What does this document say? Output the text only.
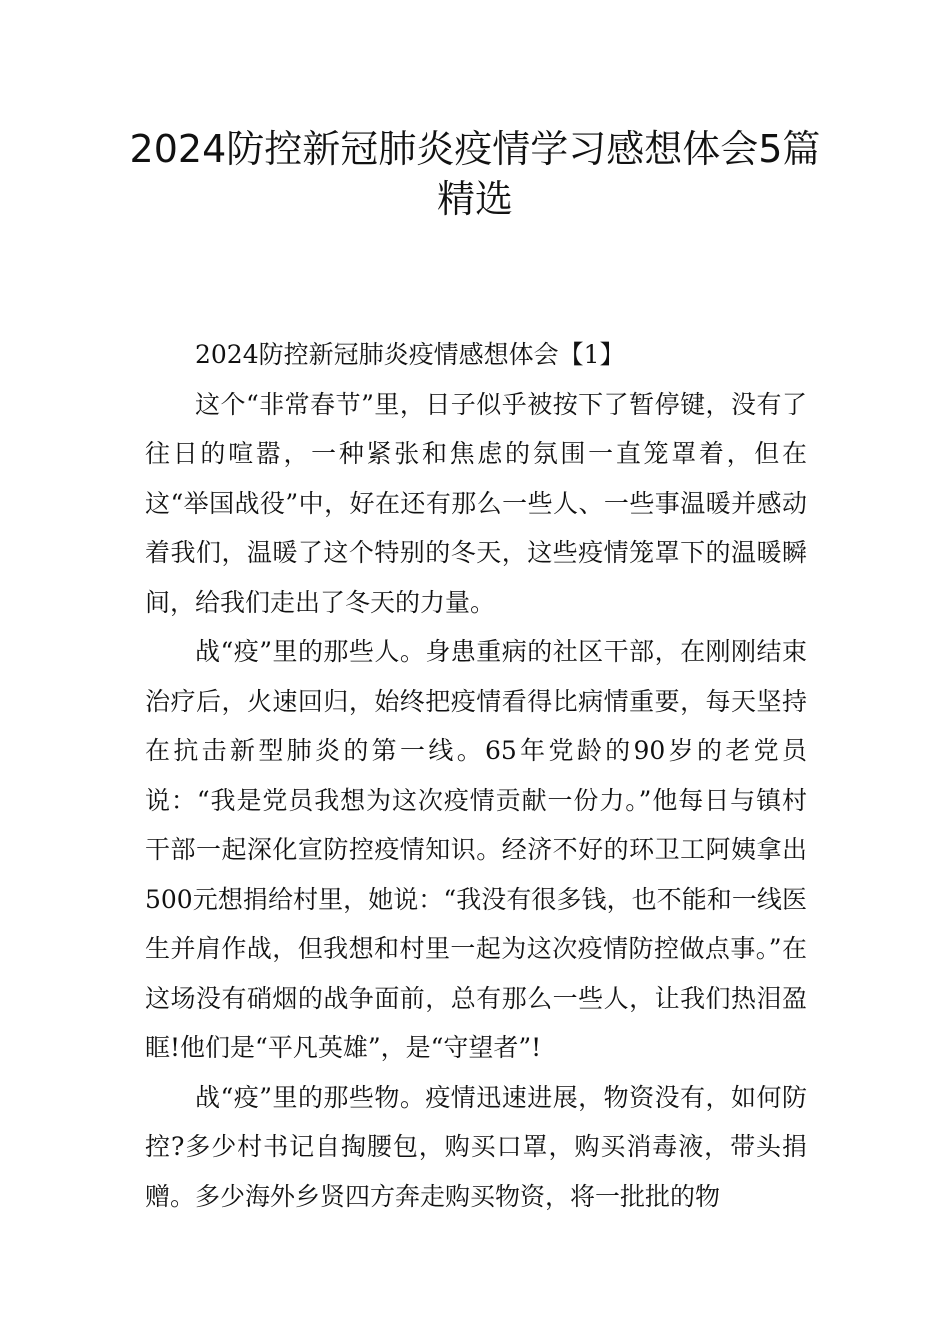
2024防控新冠肺炎疫情学习感想体会5篇精选

2024防控新冠肺炎疫情感想体会【1】

这个“非常春节”里，日子似乎被按下了暂停键，没有了往日的喧嚣，一种紧张和焦虑的氛围一直笼罩着，但在这“举国战役”中，好在还有那么一些人、一些事温暖并感动着我们，温暖了这个特别的冬天，这些疫情笼罩下的温暖瞬间，给我们走出了冬天的力量。

战“疫”里的那些人。身患重病的社区干部，在刚刚结束治疗后，火速回归，始终把疫情看得比病情重要，每天坚持在抗击新型肺炎的第一线。65年党龄的90岁的老党员说：“我是党员我想为这次疫情贡献一份力。”他每日与镇村干部一起深化宣防控疫情知识。经济不好的环卫工阿姨拿出500元想捐给村里，她说：“我没有很多钱，也不能和一线医生并肩作战，但我想和村里一起为这次疫情防控做点事。”在这场没有硝烟的战争面前，总有那么一些人，让我们热泪盈眶!他们是“平凡英雄”，是“守望者”!

战“疫”里的那些物。疫情迅速进展，物资没有，如何防控?多少村书记自掏腰包，购买口罩，购买消毒液，带头捐赠。多少海外乡贤四方奔走购买物资，将一批批的物
